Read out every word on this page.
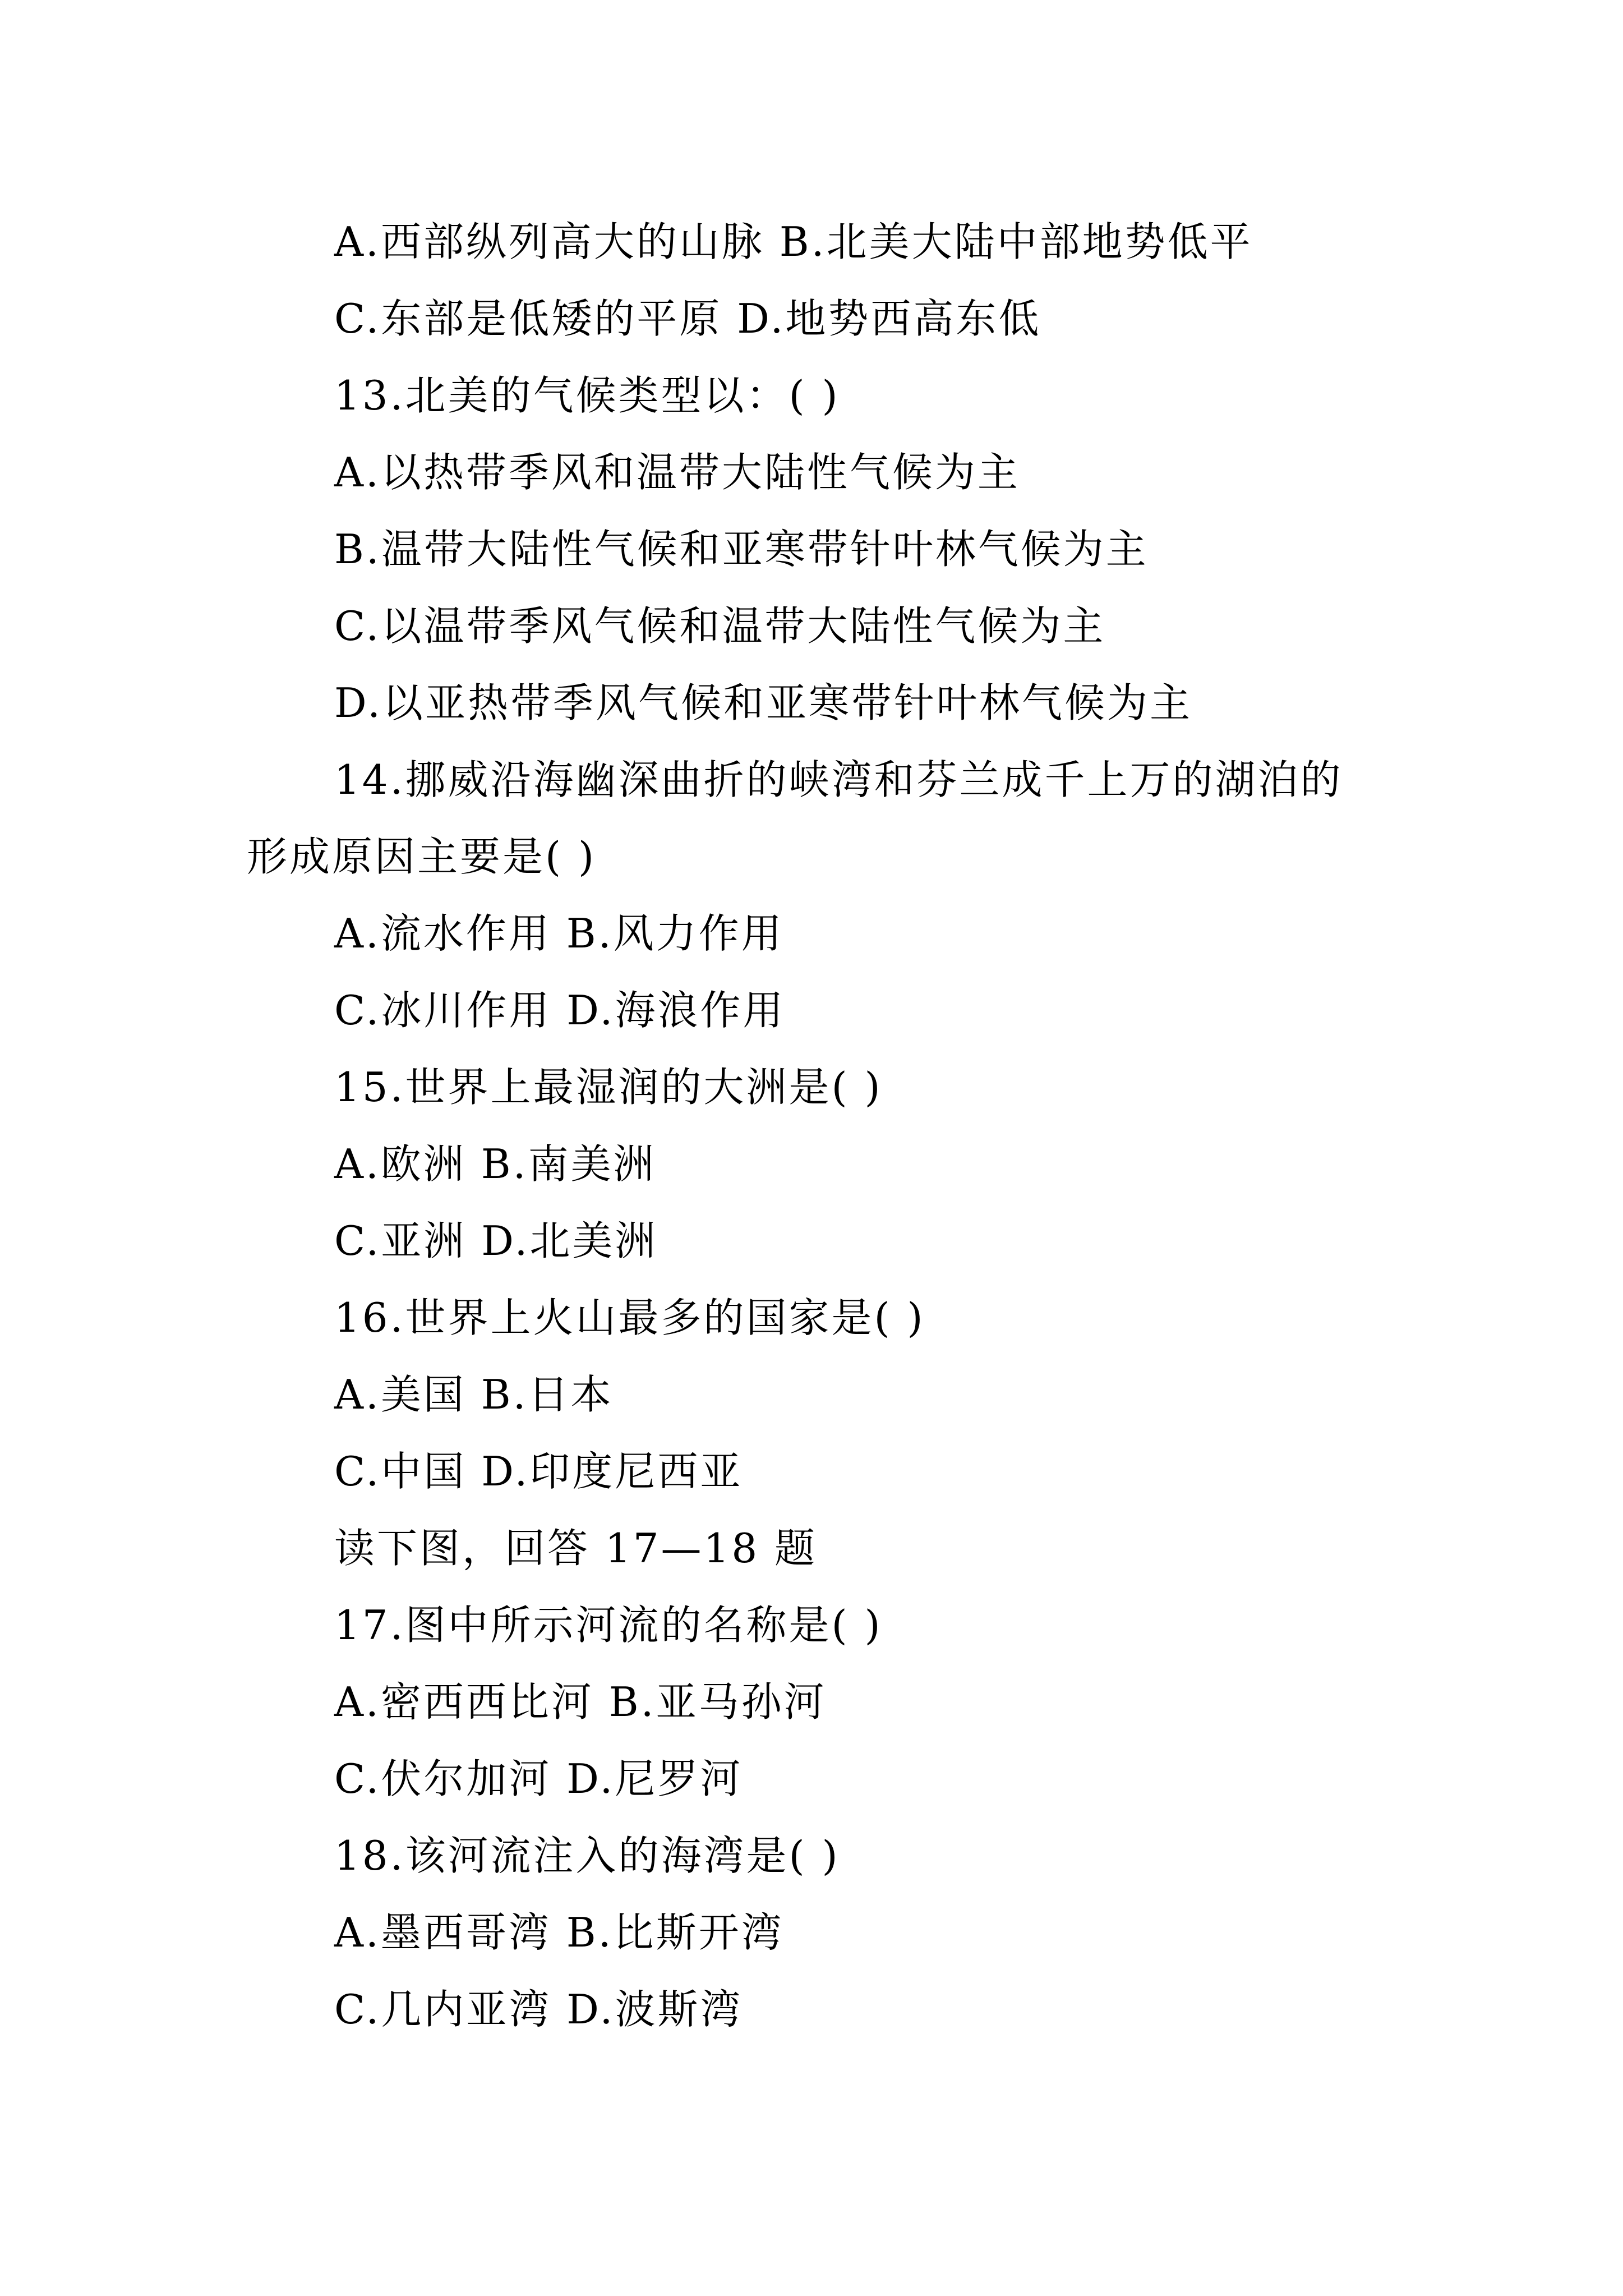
A.西部纵列高大的山脉 B.北美大陆中部地势低平
C.东部是低矮的平原 D.地势西高东低
13.北美的气候类型以：( )
A.以热带季风和温带大陆性气候为主
B.温带大陆性气候和亚寒带针叶林气候为主
C.以温带季风气候和温带大陆性气候为主
D.以亚热带季风气候和亚寒带针叶林气候为主
14.挪威沿海幽深曲折的峡湾和芬兰成千上万的湖泊的
形成原因主要是( )
A.流水作用 B.风力作用
C.冰川作用 D.海浪作用
15.世界上最湿润的大洲是( )
A.欧洲 B.南美洲
C.亚洲 D.北美洲
16.世界上火山最多的国家是( )
A.美国 B.日本
C.中国 D.印度尼西亚
读下图，回答 17—18 题
17.图中所示河流的名称是( )
A.密西西比河 B.亚马孙河
C.伏尔加河 D.尼罗河
18.该河流注入的海湾是( )
A.墨西哥湾 B.比斯开湾
C.几内亚湾 D.波斯湾
